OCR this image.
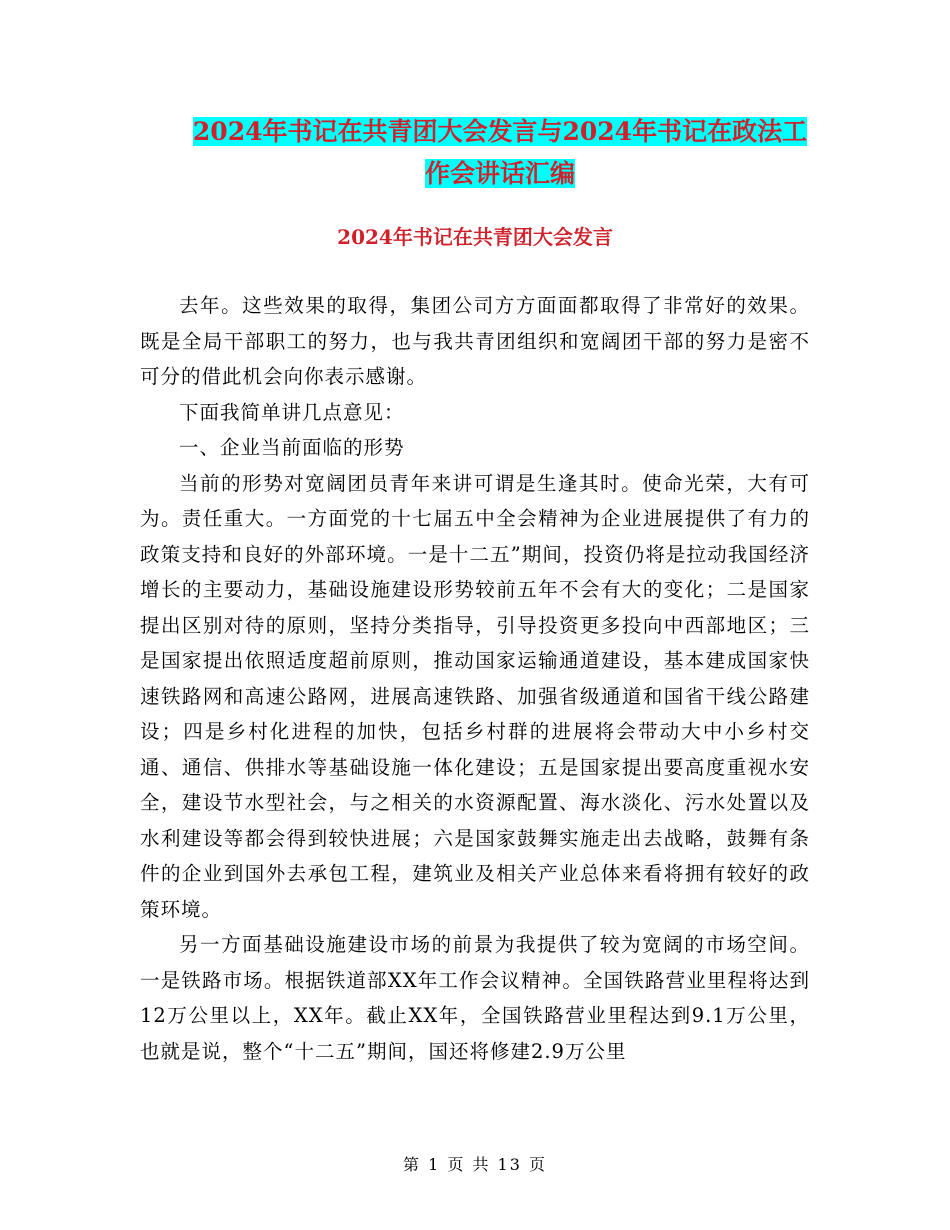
2024年书记在共青团大会发言与2024年书记在政法工
作会讲话汇编
2024年书记在共青团大会发言

去年。这些效果的取得，集团公司方方面面都取得了非常好的效果。既是全局干部职工的努力，也与我共青团组织和宽阔团干部的努力是密不可分的借此机会向你表示感谢。

下面我简单讲几点意见：

一、企业当前面临的形势

当前的形势对宽阔团员青年来讲可谓是生逢其时。使命光荣，大有可为。责任重大。一方面党的十七届五中全会精神为企业进展提供了有力的政策支持和良好的外部环境。一是十二五”期间，投资仍将是拉动我国经济增长的主要动力，基础设施建设形势较前五年不会有大的变化；二是国家提出区别对待的原则，坚持分类指导，引导投资更多投向中西部地区；三是国家提出依照适度超前原则，推动国家运输通道建设，基本建成国家快速铁路网和高速公路网，进展高速铁路、加强省级通道和国省干线公路建设；四是乡村化进程的加快，包括乡村群的进展将会带动大中小乡村交通、通信、供排水等基础设施一体化建设；五是国家提出要高度重视水安全，建设节水型社会，与之相关的水资源配置、海水淡化、污水处置以及水利建设等都会得到较快进展；六是国家鼓舞实施走出去战略，鼓舞有条件的企业到国外去承包工程，建筑业及相关产业总体来看将拥有较好的政策环境。

另一方面基础设施建设市场的前景为我提供了较为宽阔的市场空间。一是铁路市场。根据铁道部XX年工作会议精神。全国铁路营业里程将达到12万公里以上，XX年。截止XX年，全国铁路营业里程达到9.1万公里，也就是说，整个“十二五”期间，国还将修建2.9万公里

第 1 页 共 13 页
